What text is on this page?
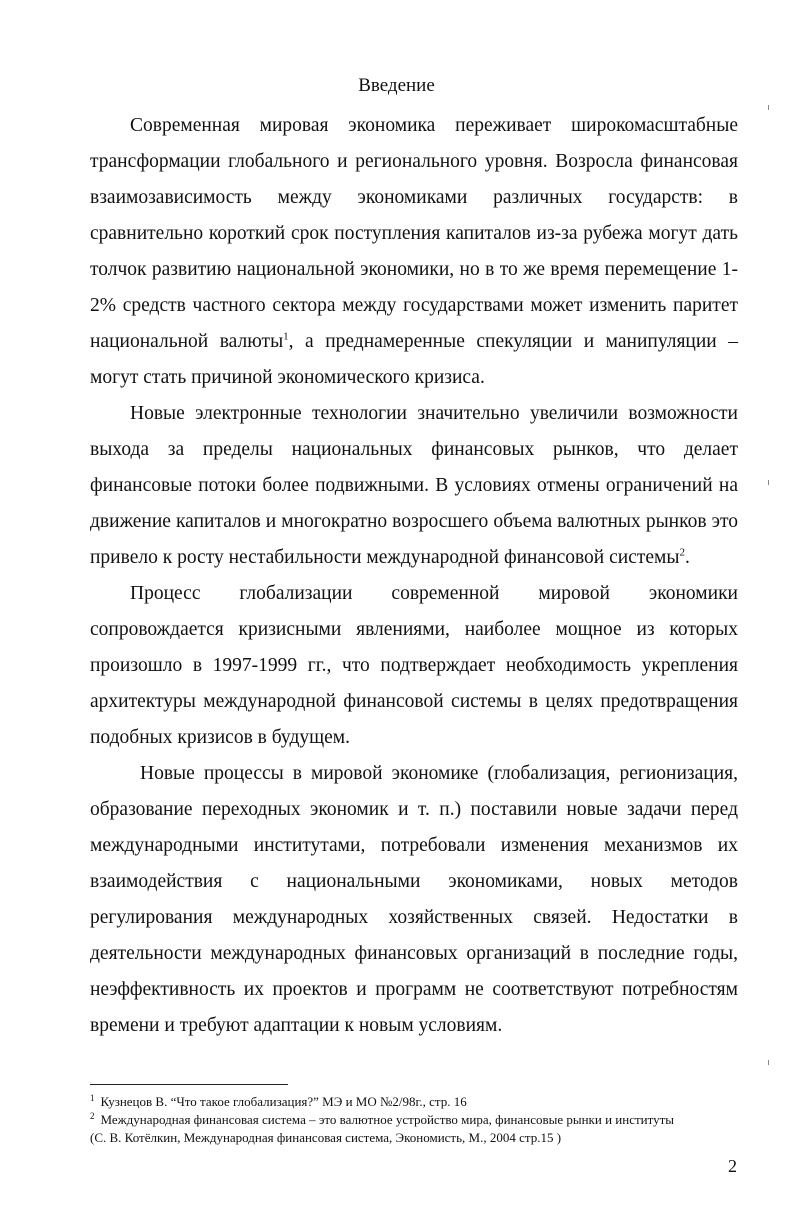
Введение

Современная мировая экономика переживает широкомасштабные трансформации глобального и регионального уровня. Возросла финансовая взаимозависимость между экономиками различных государств: в сравнительно короткий срок поступления капиталов из-за рубежа могут дать толчок развитию национальной экономики, но в то же время перемещение 1-2% средств частного сектора между государствами может изменить паритет национальной валюты$^1$, а преднамеренные спекуляции и манипуляции – могут стать причиной экономического кризиса.

Новые электронные технологии значительно увеличили возможности выхода за пределы национальных финансовых рынков, что делает финансовые потоки более подвижными. В условиях отмены ограничений на движение капиталов и многократно возросшего объема валютных рынков это привело к росту нестабильности международной финансовой системы$^2$.

Процесс глобализации современной мировой экономики сопровождается кризисными явлениями, наиболее мощное из которых произошло в 1997-1999 гг., что подтверждает необходимость укрепления архитектуры международной финансовой системы в целях предотвращения подобных кризисов в будущем.

Новые процессы в мировой экономике (глобализация, регионизация, образование переходных экономик и т. п.) поставили новые задачи перед международными институтами, потребовали изменения механизмов их взаимодействия с национальными экономиками, новых методов регулирования международных хозяйственных связей. Недостатки в деятельности международных финансовых организаций в последние годы, неэффективность их проектов и программ не соответствуют потребностям времени и требуют адаптации к новым условиям.

$^1$ Кузнецов В. “Что такое глобализация?” МЭ и МО №2/98г., стр. 16

$^2$ Международная финансовая система – это валютное устройство мира, финансовые рынки и институты

(С. В. Котёлкин, Международная финансовая система, Экономисть, М., 2004 стр.15 )

2
